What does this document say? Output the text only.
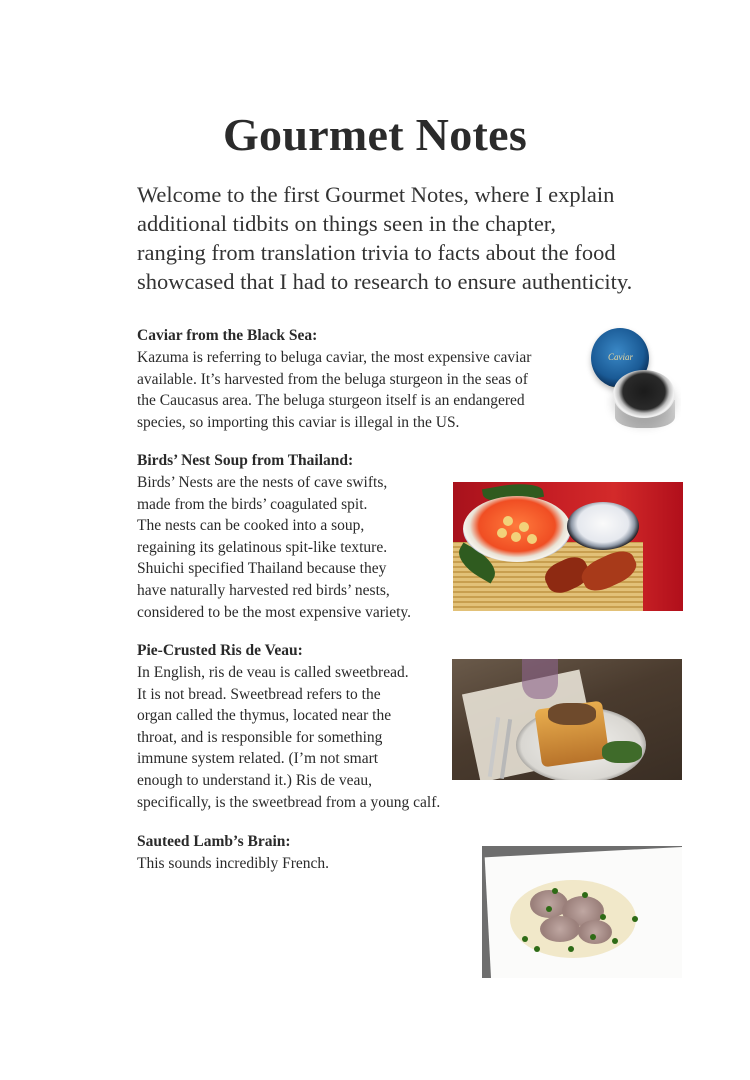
Gourmet Notes
Welcome to the first Gourmet Notes, where I explain
additional tidbits on things seen in the chapter,
ranging from translation trivia to facts about the food
showcased that I had to research to ensure authenticity.
Caviar from the Black Sea:
Kazuma is referring to beluga caviar, the most expensive caviar
available. It’s harvested from the beluga sturgeon in the seas of
the Caucasus area. The beluga sturgeon itself is an endangered
species, so importing this caviar is illegal in the US.
Caviar
Birds’ Nest Soup from Thailand:
Birds’ Nests are the nests of cave swifts,
made from the birds’ coagulated spit.
The nests can be cooked into a soup,
regaining its gelatinous spit-like texture.
Shuichi specified Thailand because they
have naturally harvested red birds’ nests,
considered to be the most expensive variety.
Pie-Crusted Ris de Veau:
In English, ris de veau is called sweetbread.
It is not bread. Sweetbread refers to the
organ called the thymus, located near the
throat, and is responsible for something
immune system related. (I’m not smart
enough to understand it.) Ris de veau,
specifically, is the sweetbread from a young calf.
Sauteed Lamb’s Brain:
This sounds incredibly French.
